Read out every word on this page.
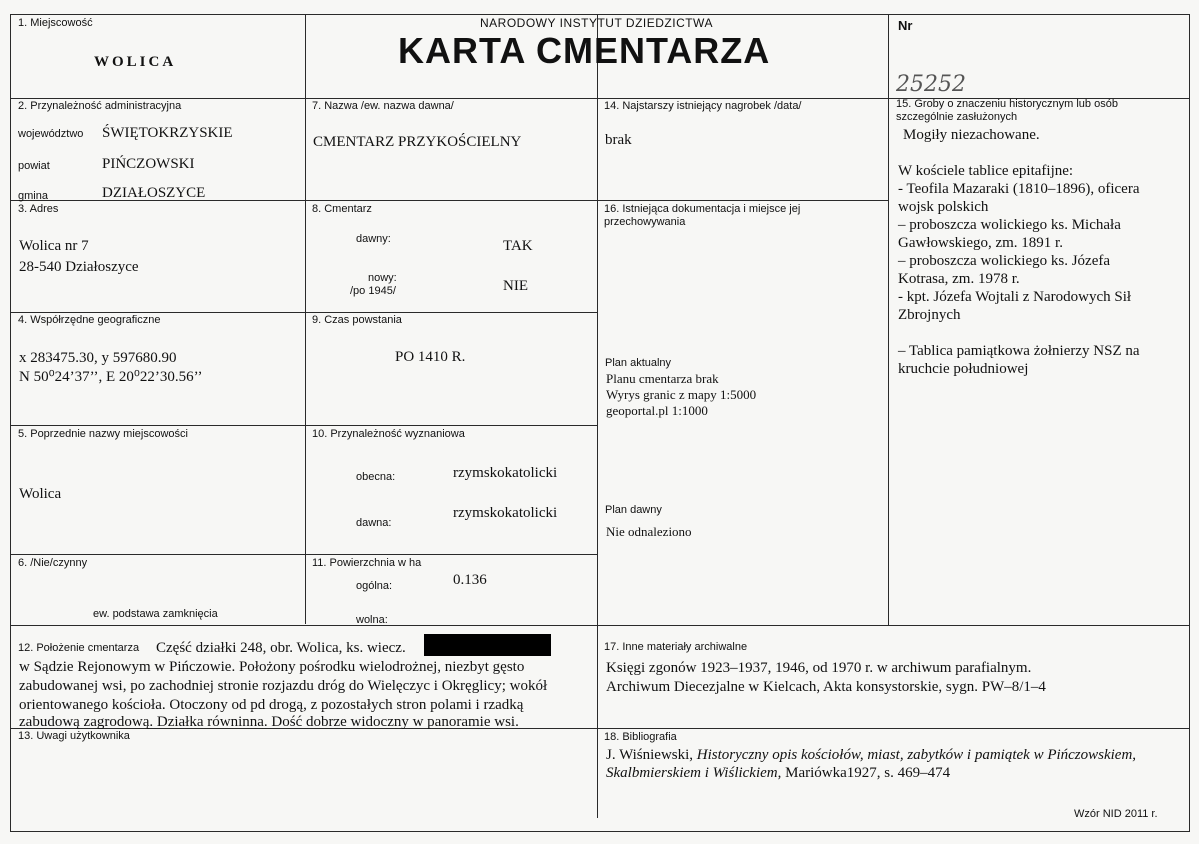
NARODOWY INSTYTUT DZIEDZICTWA
KARTA CMENTARZA
Nr
25252
1. Miejscowość
WOLICA
2. Przynależność administracyjna
województwo ŚWIĘTOKRZYSKIE
powiat	PIŃCZOWSKI
gmina	DZIAŁOSZYCE
3. Adres
Wolica nr 7
28-540 Działoszyce
4. Współrzędne geograficzne
x 283475.30, y 597680.90
N 50⁰24’37’’, E 20⁰22’30.56’’
5. Poprzednie nazwy miejscowości
Wolica
6. /Nie/czynny
ew. podstawa zamknięcia
7. Nazwa /ew. nazwa dawna/
CMENTARZ PRZYKOŚCIELNY
8. Cmentarz
dawny:	TAK
nowy:
/po 1945/	NIE
9. Czas powstania
PO 1410 R.
10. Przynależność wyznaniowa
obecna:	rzymskokatolicki
dawna:
rzymskokatolicki
11. Powierzchnia w ha
ogólna:	0.136
wolna:
12. Położenie cmentarza Część działki 248, obr. Wolica, ks. wiecz.
w Sądzie Rejonowym w Pińczowie. Położony pośrodku wielodrożnej, niezbyt gęsto
zabudowanej wsi, po zachodniej stronie rozjazdu dróg do Wielęczyc i Okręglicy; wokół
orientowanego kościoła. Otoczony od pd drogą, z pozostałych stron polami i rzadką
zabudową zagrodową. Działka równinna. Dość dobrze widoczny w panoramie wsi.
13. Uwagi użytkownika
14. Najstarszy istniejący nagrobek /data/
brak
15. Groby o znaczeniu historycznym lub osób
szczególnie zasłużonych
Mogiły niezachowane.
W kościele tablice epitafijne:
- Teofila Mazaraki (1810–1896), oficera
wojsk polskich
– proboszcza wolickiego ks. Michała
Gawłowskiego, zm. 1891 r.
– proboszcza wolickiego ks. Józefa
Kotrasa, zm. 1978 r.
- kpt. Józefa Wojtali z Narodowych Sił
Zbrojnych
– Tablica pamiątkowa żołnierzy NSZ na
kruchcie południowej
16. Istniejąca dokumentacja i miejsce jej
przechowywania
Plan aktualny
Planu cmentarza brak
Wyrys granic z mapy 1:5000
geoportal.pl 1:1000
Plan dawny
Nie odnaleziono
17. Inne materiały archiwalne
Księgi zgonów 1923–1937, 1946, od 1970 r. w archiwum parafialnym.
Archiwum Diecezjalne w Kielcach, Akta konsystorskie, sygn. PW–8/1–4
18. Bibliografia
J. Wiśniewski, Historyczny opis kościołów, miast, zabytków i pamiątek w Pińczowskiem,
Skalbmierskiem i Wiślickiem, Mariówka1927, s. 469–474
Wzór NID 2011 r.
